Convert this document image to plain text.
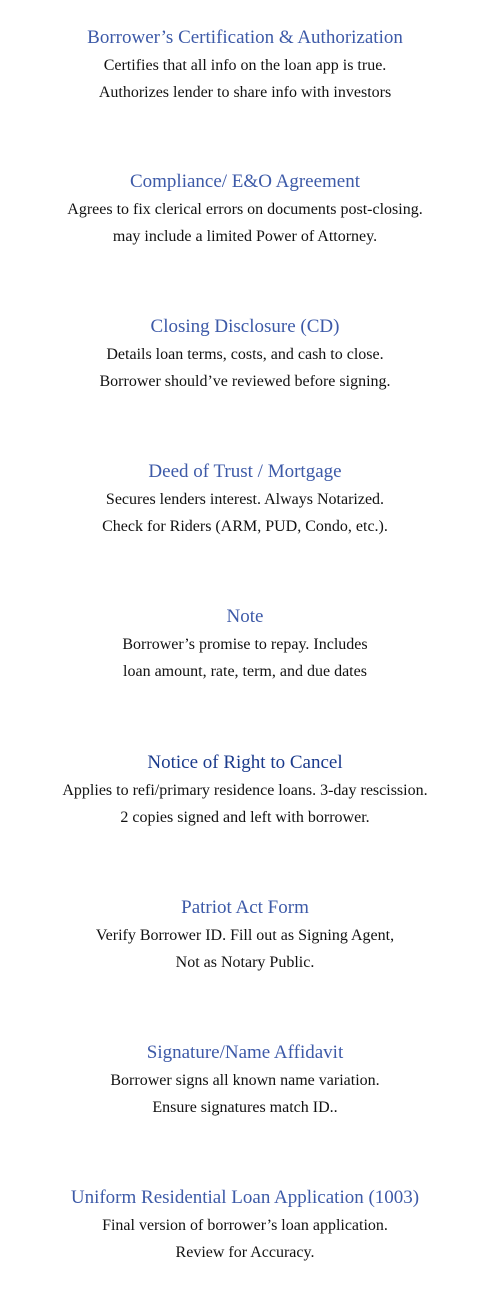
Borrower’s Certification & Authorization
Certifies that all info on the loan app is true.
Authorizes lender to share info with investors
Compliance/ E&O Agreement
Agrees to fix clerical errors on documents post-closing.
may include a limited Power of Attorney.
Closing Disclosure (CD)
Details loan terms, costs, and cash to close.
Borrower should’ve reviewed before signing.
Deed of Trust / Mortgage
Secures lenders interest. Always Notarized.
Check for Riders (ARM, PUD, Condo, etc.).
Note
Borrower’s promise to repay. Includes
loan amount, rate, term, and due dates
Notice of Right to Cancel
Applies to refi/primary residence loans. 3-day rescission.
2 copies signed and left with borrower.
Patriot Act Form
Verify Borrower ID. Fill out as Signing Agent,
Not as Notary Public.
Signature/Name Affidavit
Borrower signs all known name variation.
Ensure signatures match ID..
Uniform Residential Loan Application (1003)
Final version of borrower’s loan application.
Review for Accuracy.
